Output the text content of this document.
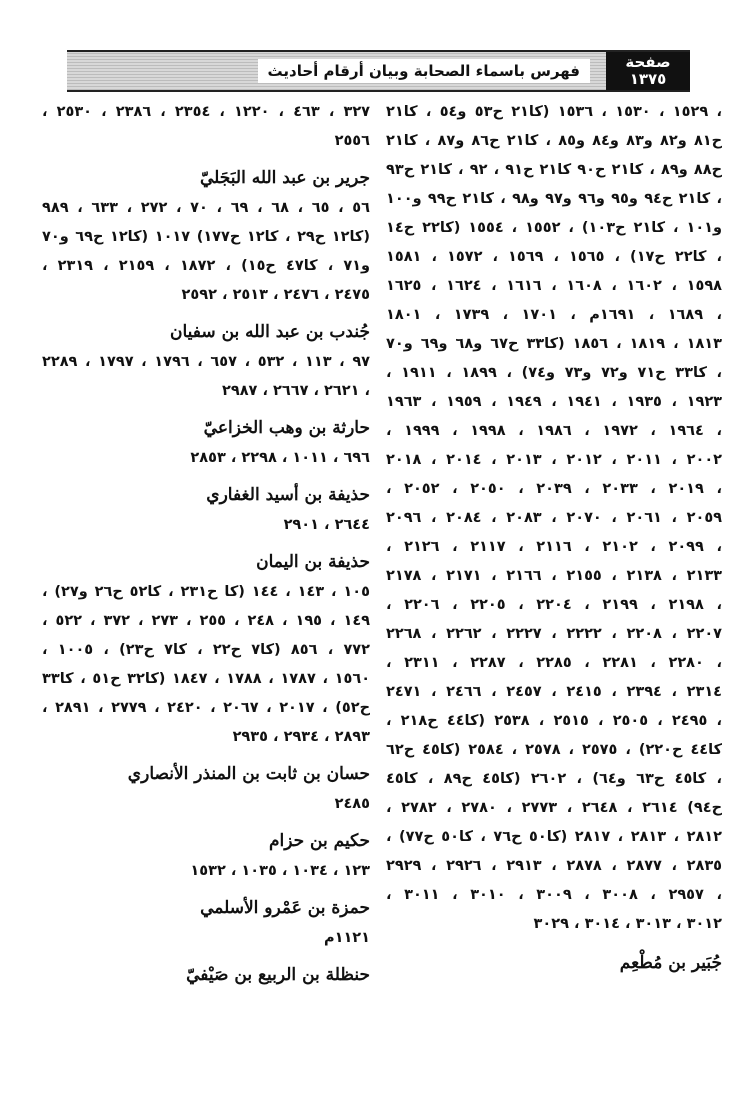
صفحة
١٣٧٥
فهرس باسماء الصحابة وبيان أرقام أحاديث
، ١٥٢٩ ، ١٥٣٠ ، ١٥٣٦ (كا٢١ ح٥٣ و٥٤ ، كا٢١
ح٨١ و٨٢ و٨٣ و٨٤ و٨٥ ، كا٢١ ح٨٦ و٨٧ ، كا٢١
ح٨٨ و٨٩ ، كا٢١ ح٩٠ كا٢١ ح٩١ ، ٩٢ ، كا٢١ ح٩٣
، كا٢١ ح٩٤ و٩٥ و٩٦ و٩٧ و٩٨ ، كا٢١ ح٩٩ و١٠٠
و١٠١ ، كا٢١ ح١٠٣) ، ١٥٥٢ ، ١٥٥٤ (كا٢٢ ح١٤
، كا٢٢ ح١٧) ، ١٥٦٥ ، ١٥٦٩ ، ١٥٧٢ ، ١٥٨١
١٥٩٨ ، ١٦٠٢ ، ١٦٠٨ ، ١٦١٦ ، ١٦٢٤ ، ١٦٢٥
، ١٦٨٩ ، ١٦٩١م ، ١٧٠١ ، ١٧٣٩ ، ١٨٠١
١٨١٣ ، ١٨١٩ ، ١٨٥٦ (كا٣٣ ح٦٧ و٦٨ و٦٩ و٧٠
، كا٣٣ ح٧١ و٧٢ و٧٣ و٧٤) ، ١٨٩٩ ، ١٩١١ ،
١٩٢٣ ، ١٩٣٥ ، ١٩٤١ ، ١٩٤٩ ، ١٩٥٩ ، ١٩٦٣
، ١٩٦٤ ، ١٩٧٢ ، ١٩٨٦ ، ١٩٩٨ ، ١٩٩٩ ،
٢٠٠٢ ، ٢٠١١ ، ٢٠١٢ ، ٢٠١٣ ، ٢٠١٤ ، ٢٠١٨
، ٢٠١٩ ، ٢٠٣٣ ، ٢٠٣٩ ، ٢٠٥٠ ، ٢٠٥٢ ،
٢٠٥٩ ، ٢٠٦١ ، ٢٠٧٠ ، ٢٠٨٣ ، ٢٠٨٤ ، ٢٠٩٦
، ٢٠٩٩ ، ٢١٠٢ ، ٢١١٦ ، ٢١١٧ ، ٢١٢٦ ،
٢١٣٣ ، ٢١٣٨ ، ٢١٥٥ ، ٢١٦٦ ، ٢١٧١ ، ٢١٧٨
، ٢١٩٨ ، ٢١٩٩ ، ٢٢٠٤ ، ٢٢٠٥ ، ٢٢٠٦ ،
٢٢٠٧ ، ٢٢٠٨ ، ٢٢٢٢ ، ٢٢٢٧ ، ٢٢٦٢ ، ٢٢٦٨
، ٢٢٨٠ ، ٢٢٨١ ، ٢٢٨٥ ، ٢٢٨٧ ، ٢٣١١ ،
٢٣١٤ ، ٢٣٩٤ ، ٢٤١٥ ، ٢٤٥٧ ، ٢٤٦٦ ، ٢٤٧١
، ٢٤٩٥ ، ٢٥٠٥ ، ٢٥١٥ ، ٢٥٣٨ (كا٤٤ ح٢١٨ ،
كا٤٤ ح٢٢٠) ، ٢٥٧٥ ، ٢٥٧٨ ، ٢٥٨٤ (كا٤٥ ح٦٢
، كا٤٥ ح٦٣ و٦٤) ، ٢٦٠٢ (كا٤٥ ح٨٩ ، كا٤٥
ح٩٤) ٢٦١٤ ، ٢٦٤٨ ، ٢٧٧٣ ، ٢٧٨٠ ، ٢٧٨٢ ،
٢٨١٢ ، ٢٨١٣ ، ٢٨١٧ (كا٥٠ ح٧٦ ، كا٥٠ ح٧٧) ،
٢٨٣٥ ، ٢٨٧٧ ، ٢٨٧٨ ، ٢٩١٣ ، ٢٩٢٦ ، ٢٩٢٩
، ٢٩٥٧ ، ٣٠٠٨ ، ٣٠٠٩ ، ٣٠١٠ ، ٣٠١١ ،
٣٠١٢ ، ٣٠١٣ ، ٣٠١٤ ، ٣٠٢٩
جُبَير بن مُطْعِم
٣٢٧ ، ٤٦٣ ، ١٢٢٠ ، ٢٣٥٤ ، ٢٣٨٦ ، ٢٥٣٠ ،
٢٥٥٦
جرير بن عبد الله البَجَليّ
٥٦ ، ٦٥ ، ٦٨ ، ٦٩ ، ٧٠ ، ٢٧٢ ، ٦٣٣ ، ٩٨٩
(كا١٢ ح٢٩ ، كا١٢ ح١٧٧) ١٠١٧ (كا١٢ ح٦٩ و٧٠
و٧١ ، كا٤٧ ح١٥) ، ١٨٧٢ ، ٢١٥٩ ، ٢٣١٩ ،
٢٤٧٥ ، ٢٤٧٦ ، ٢٥١٣ ، ٢٥٩٢
جُندب بن عبد الله بن سفيان
٩٧ ، ١١٣ ، ٥٣٢ ، ٦٥٧ ، ١٧٩٦ ، ١٧٩٧ ، ٢٢٨٩
، ٢٦٢١ ، ٢٦٦٧ ، ٢٩٨٧
حارثة بن وهب الخزاعيّ
٦٩٦ ، ١٠١١ ، ٢٢٩٨ ، ٢٨٥٣
حذيفة بن أسيد الغفاري
٢٦٤٤ ، ٢٩٠١
حذيفة بن اليمان
١٠٥ ، ١٤٣ ، ١٤٤ (كا ح٢٣١ ، كا٥٢ ح٢٦ و٢٧) ،
١٤٩ ، ١٩٥ ، ٢٤٨ ، ٢٥٥ ، ٢٧٣ ، ٣٧٢ ، ٥٢٢ ،
٧٧٢ ، ٨٥٦ (كا٧ ح٢٢ ، كا٧ ح٢٣) ، ١٠٠٥ ،
١٥٦٠ ، ١٧٨٧ ، ١٧٨٨ ، ١٨٤٧ (كا٣٢ ح٥١ ، كا٣٣
ح٥٢) ، ٢٠١٧ ، ٢٠٦٧ ، ٢٤٢٠ ، ٢٧٧٩ ، ٢٨٩١ ،
٢٨٩٣ ، ٢٩٣٤ ، ٢٩٣٥
حسان بن ثابت بن المنذر الأنصاري
٢٤٨٥
حكيم بن حزام
١٢٣ ، ١٠٣٤ ، ١٠٣٥ ، ١٥٣٢
حمزة بن عَمْرو الأسلمي
١١٢١م
حنظلة بن الربيع بن صَيْفيّ
